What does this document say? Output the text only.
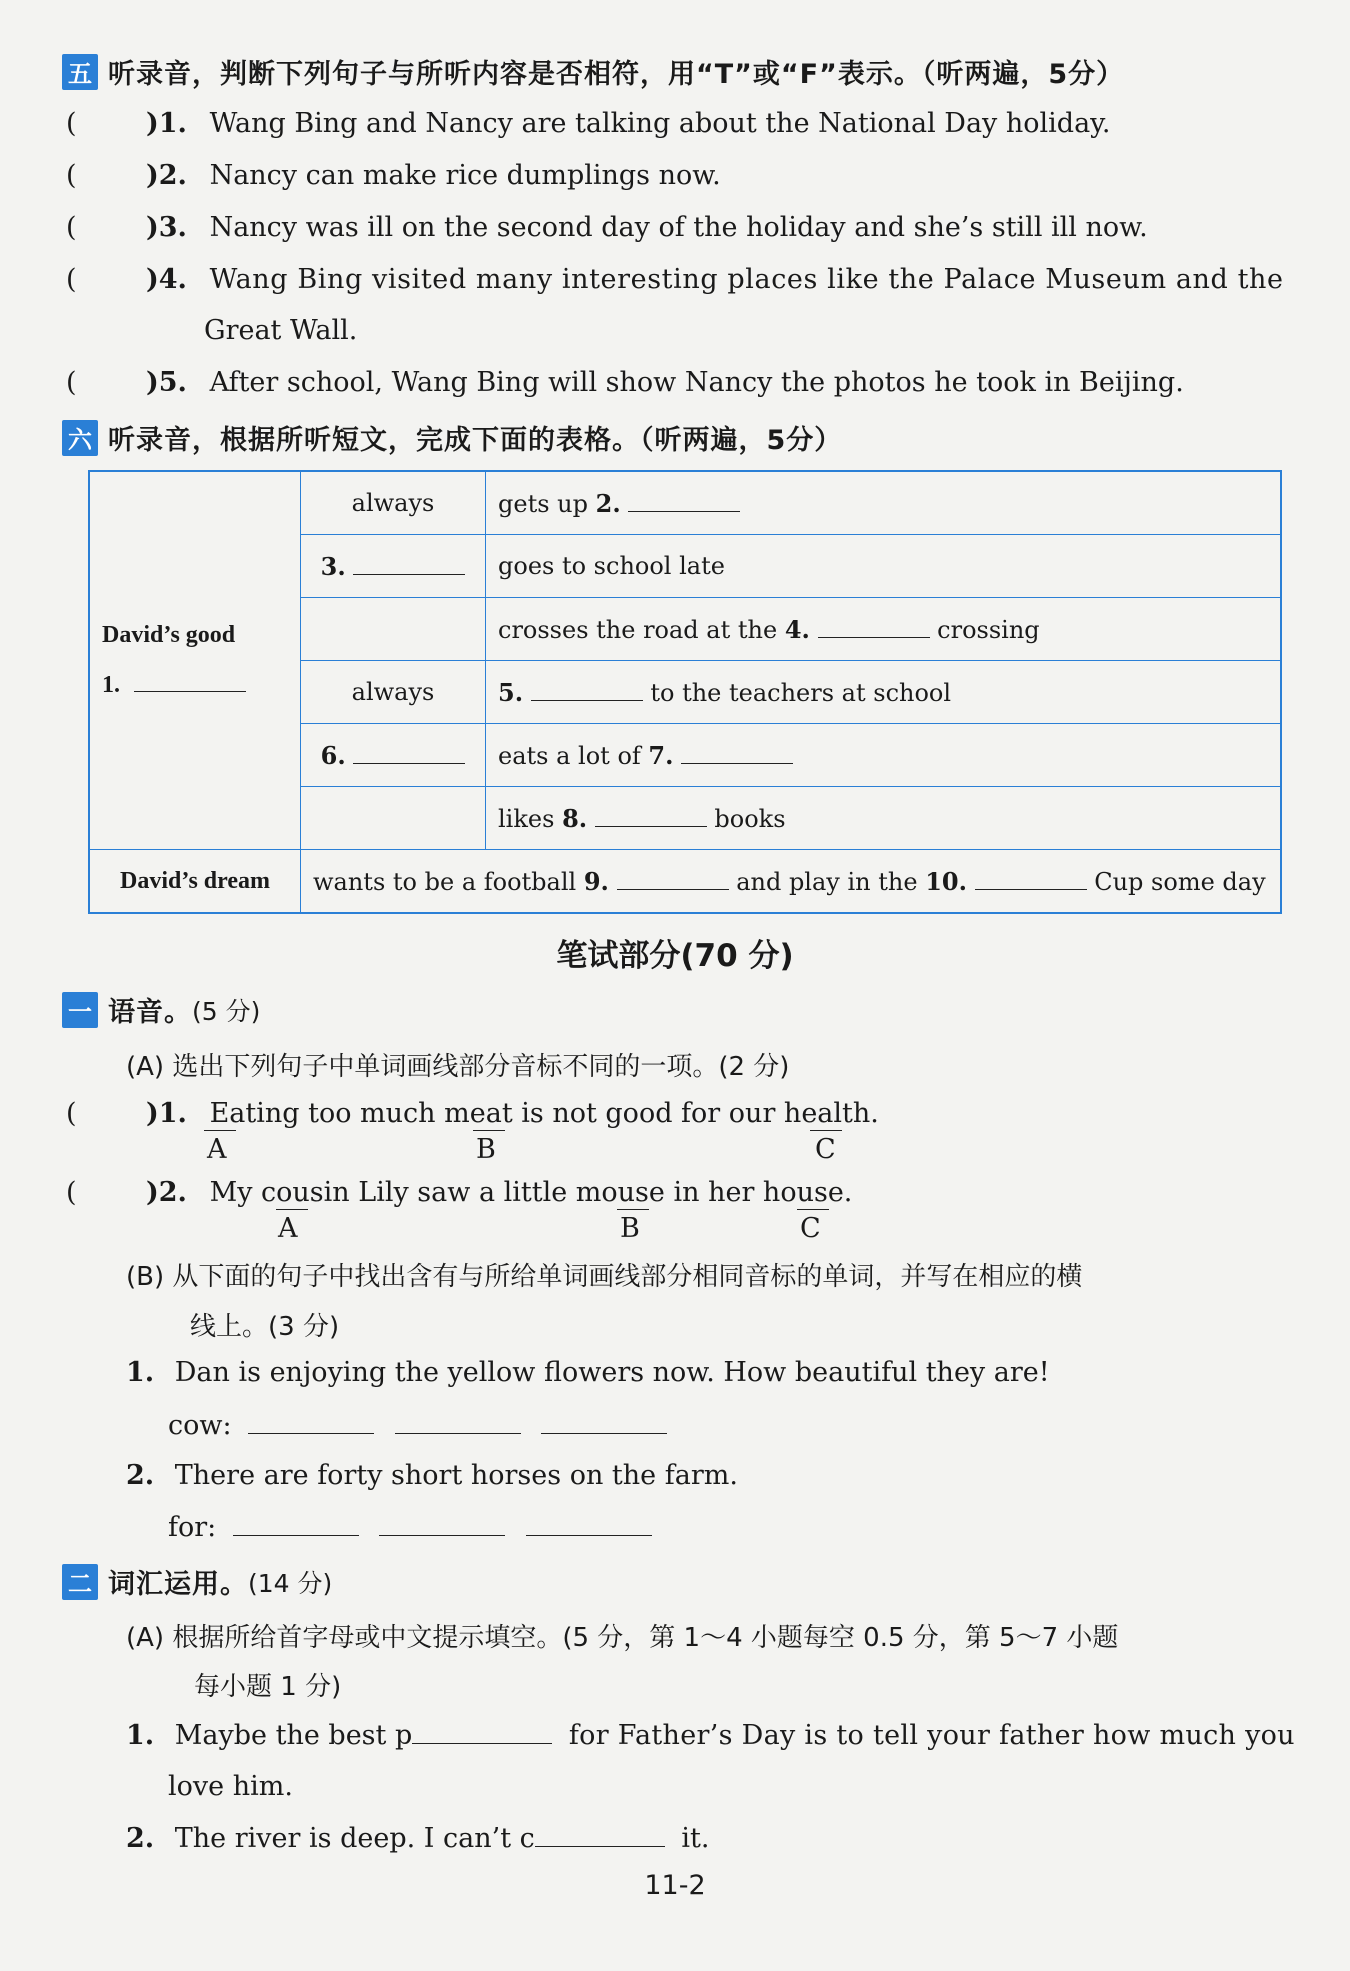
五 听录音，判断下列句子与所听内容是否相符，用“T”或“F”表示。（听两遍，5分）
(	)1. Wang Bing and Nancy are talking about the National Day holiday.
(	)2. Nancy can make rice dumplings now.
(	)3. Nancy was ill on the second day of the holiday and she’s still ill now.
(	)4. Wang Bing visited many interesting places like the Palace Museum and the
Great Wall.
(	)5. After school, Wang Bing will show Nancy the photos he took in Beijing.
六 听录音，根据所听短文，完成下面的表格。（听两遍，5分）
David’s good
1.	always	gets up 2.
	3.	goes to school late
		crosses the road at the 4. crossing
	always	5. to the teachers at school
	6.	eats a lot of 7.
		likes 8. books
David’s dream	wants to be a football 9. and play in the 10. Cup some day	
笔试部分(70 分)
一 语音。 (5 分)
(A) 选出下列句子中单词画线部分音标不同的一项。(2 分)
(	)1. Eating too much meat is not good for our health.
A	B	C
(	)2. My cousin Lily saw a little mouse in her house.
A	B	C
(B) 从下面的句子中找出含有与所给单词画线部分相同音标的单词，并写在相应的横
线上。(3 分)
1. Dan is enjoying the yellow flowers now. How beautiful they are!
cow:
2. There are forty short horses on the farm.
for:
二 词汇运用。 (14 分)
(A) 根据所给首字母或中文提示填空。(5 分，第 1～4 小题每空 0.5 分，第 5～7 小题
每小题 1 分)
1. Maybe the best p	for Father’s Day is to tell your father how much you
love him.
2. The river is deep. I can’t c	it.
11-2
